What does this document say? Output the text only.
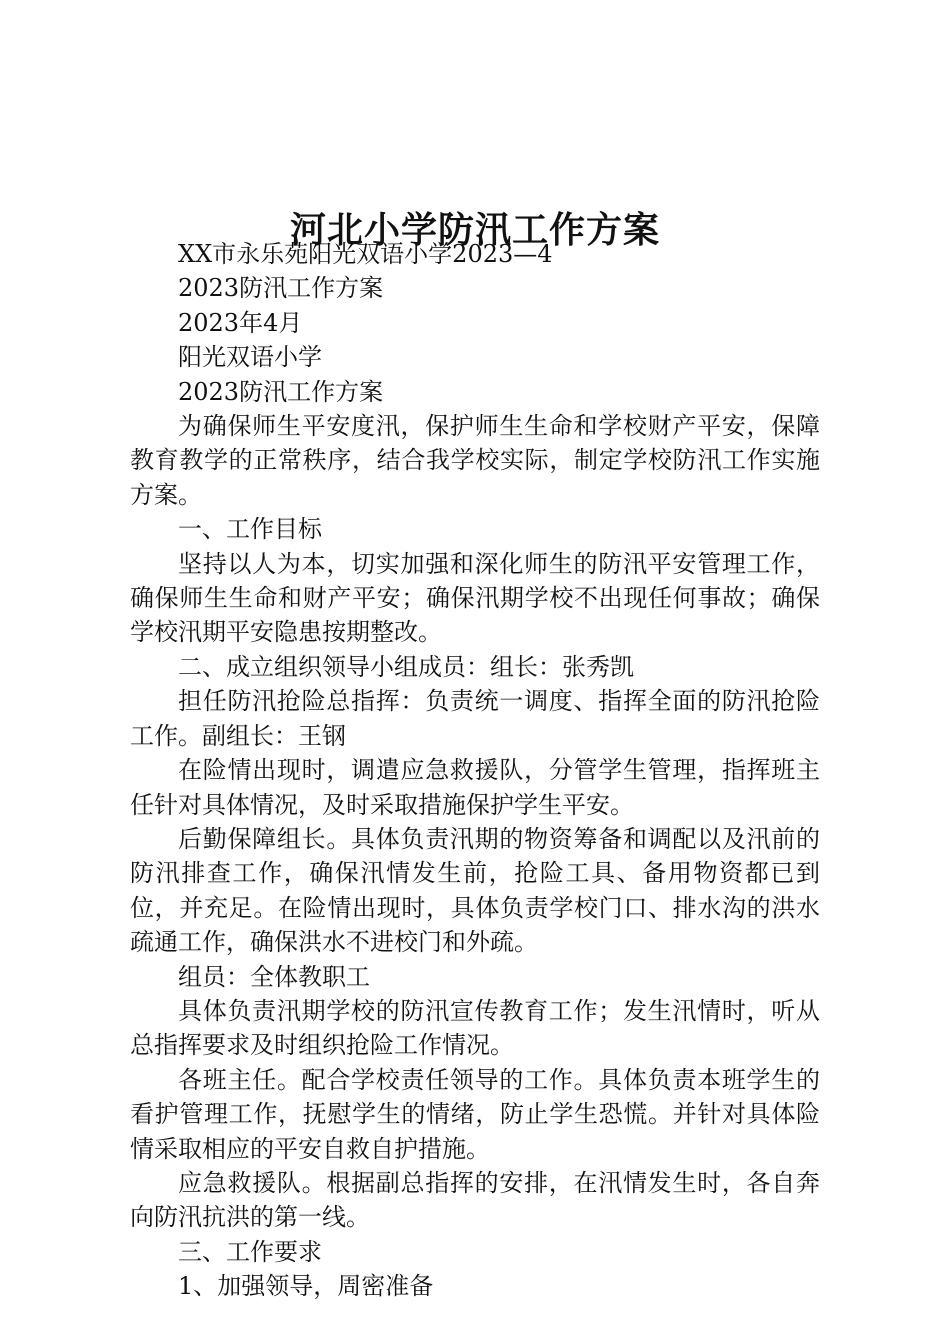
河北小学防汛工作方案

XX市永乐苑阳光双语小学2023—4

2023防汛工作方案

2023年4月

阳光双语小学

2023防汛工作方案

为确保师生平安度汛，保护师生生命和学校财产平安，保障教育教学的正常秩序，结合我学校实际，制定学校防汛工作实施方案。

一、工作目标

坚持以人为本，切实加强和深化师生的防汛平安管理工作，确保师生生命和财产平安；确保汛期学校不出现任何事故；确保学校汛期平安隐患按期整改。

二、成立组织领导小组成员：组长：张秀凯

担任防汛抢险总指挥：负责统一调度、指挥全面的防汛抢险工作。副组长：王钢

在险情出现时，调遣应急救援队，分管学生管理，指挥班主任针对具体情况，及时采取措施保护学生平安。

后勤保障组长。具体负责汛期的物资筹备和调配以及汛前的防汛排查工作，确保汛情发生前，抢险工具、备用物资都已到位，并充足。在险情出现时，具体负责学校门口、排水沟的洪水疏通工作，确保洪水不进校门和外疏。

组员：全体教职工

具体负责汛期学校的防汛宣传教育工作；发生汛情时，听从总指挥要求及时组织抢险工作情况。

各班主任。配合学校责任领导的工作。具体负责本班学生的看护管理工作，抚慰学生的情绪，防止学生恐慌。并针对具体险情采取相应的平安自救自护措施。

应急救援队。根据副总指挥的安排，在汛情发生时，各自奔向防汛抗洪的第一线。

三、工作要求

1、加强领导，周密准备
